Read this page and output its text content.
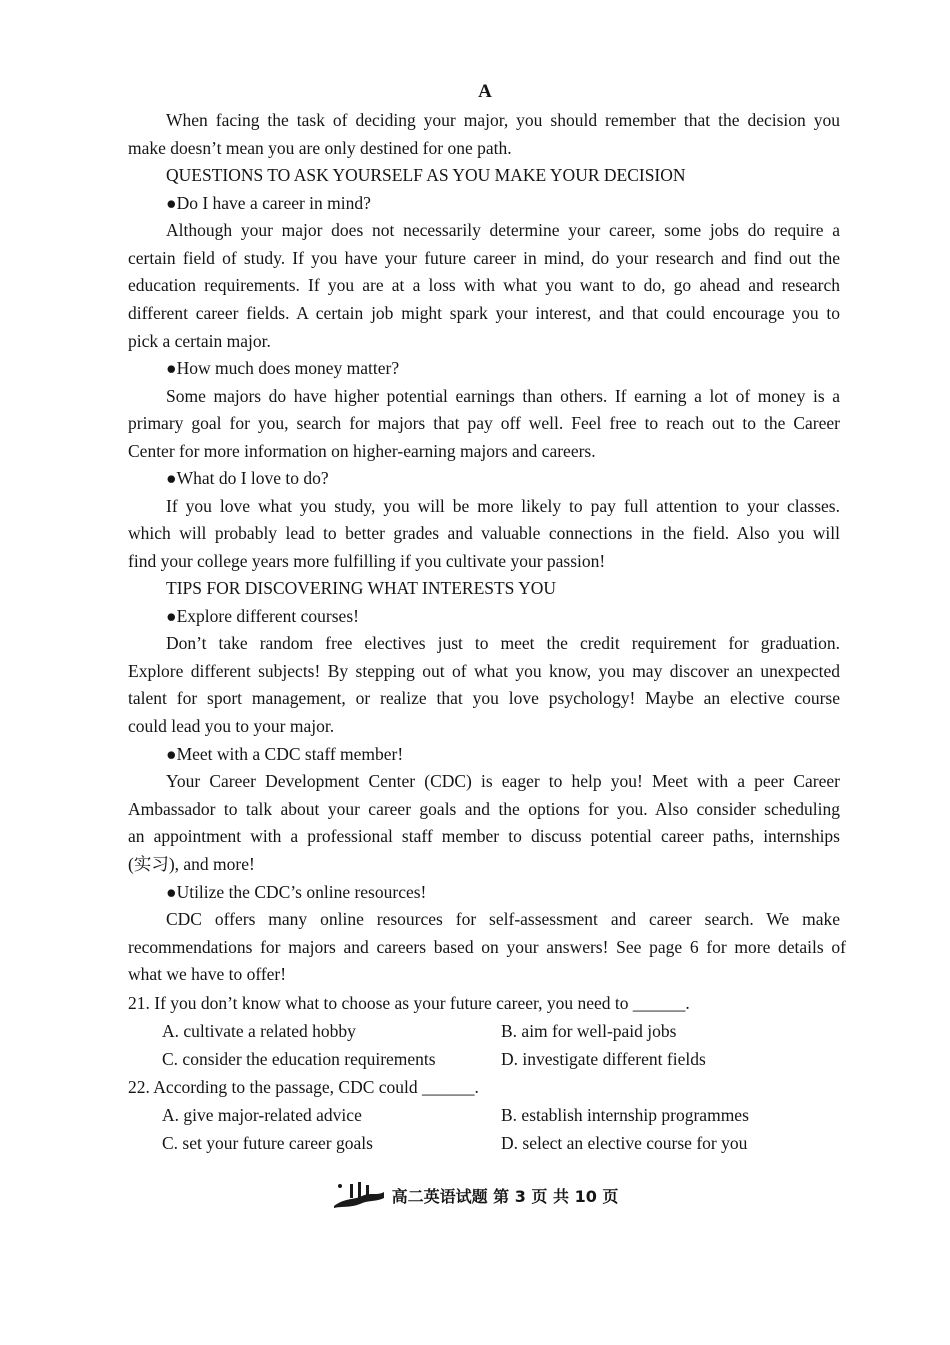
A
When facing the task of deciding your major, you should remember that the decision you
make doesn’t mean you are only destined for one path.
QUESTIONS TO ASK YOURSELF AS YOU MAKE YOUR DECISION
●Do I have a career in mind?
Although your major does not necessarily determine your career, some jobs do require a
certain field of study. If you have your future career in mind, do your research and find out the
education requirements. If you are at a loss with what you want to do, go ahead and research
different career fields. A certain job might spark your interest, and that could encourage you to
pick a certain major.
●How much does money matter?
Some majors do have higher potential earnings than others. If earning a lot of money is a
primary goal for you, search for majors that pay off well. Feel free to reach out to the Career
Center for more information on higher-earning majors and careers.
●What do I love to do?
If you love what you study, you will be more likely to pay full attention to your classes.
which will probably lead to better grades and valuable connections in the field. Also you will
find your college years more fulfilling if you cultivate your passion!
TIPS FOR DISCOVERING WHAT INTERESTS YOU
●Explore different courses!
Don’t take random free electives just to meet the credit requirement for graduation.
Explore different subjects! By stepping out of what you know, you may discover an unexpected
talent for sport management, or realize that you love psychology! Maybe an elective course
could lead you to your major.
●Meet with a CDC staff member!
Your Career Development Center (CDC) is eager to help you! Meet with a peer Career
Ambassador to talk about your career goals and the options for you. Also consider scheduling
an appointment with a professional staff member to discuss potential career paths, internships
(实习), and more!
●Utilize the CDC’s online resources!
CDC offers many online resources for self-assessment and career search. We make
recommendations for majors and careers based on your answers! See page 6 for more details of
what we have to offer!
21. If you don’t know what to choose as your future career, you need to ______.
A. cultivate a related hobby	B. aim for well-paid jobs
C. consider the education requirements	D. investigate different fields
22. According to the passage, CDC could ______.
A. give major-related advice	B. establish internship programmes
C. set your future career goals	D. select an elective course for you
高二英语试题 第 3 页 共 10 页
